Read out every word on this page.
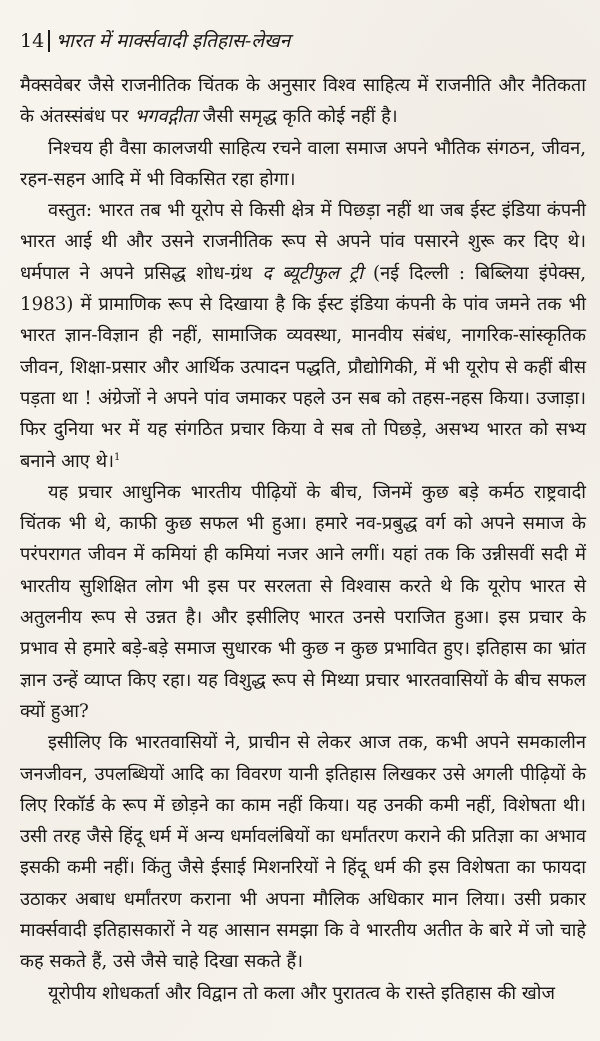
14 भारत में मार्क्सवादी इतिहास-लेखन

मैक्सवेबर जैसे राजनीतिक चिंतक के अनुसार विश्व साहित्य में राजनीति और नैतिकता के अंतस्संबंध पर भगवद्गीता जैसी समृद्ध कृति कोई नहीं है।

निश्चय ही वैसा कालजयी साहित्य रचने वाला समाज अपने भौतिक संगठन, जीवन, रहन-सहन आदि में भी विकसित रहा होगा।

वस्तुत: भारत तब भी यूरोप से किसी क्षेत्र में पिछड़ा नहीं था जब ईस्ट इंडिया कंपनी भारत आई थी और उसने राजनीतिक रूप से अपने पांव पसारने शुरू कर दिए थे। धर्मपाल ने अपने प्रसिद्ध शोध-ग्रंथ द ब्यूटीफुल ट्री (नई दिल्ली : बिब्लिया इंपेक्स, 1983) में प्रामाणिक रूप से दिखाया है कि ईस्ट इंडिया कंपनी के पांव जमने तक भी भारत ज्ञान-विज्ञान ही नहीं, सामाजिक व्यवस्था, मानवीय संबंध, नागरिक-सांस्कृतिक जीवन, शिक्षा-प्रसार और आर्थिक उत्पादन पद्धति, प्रौद्योगिकी, में भी यूरोप से कहीं बीस पड़ता था ! अंग्रेजों ने अपने पांव जमाकर पहले उन सब को तहस-नहस किया। उजाड़ा। फिर दुनिया भर में यह संगठित प्रचार किया वे सब तो पिछड़े, असभ्य भारत को सभ्य बनाने आए थे।$^1$

यह प्रचार आधुनिक भारतीय पीढ़ियों के बीच, जिनमें कुछ बड़े कर्मठ राष्ट्रवादी चिंतक भी थे, काफी कुछ सफल भी हुआ। हमारे नव-प्रबुद्ध वर्ग को अपने समाज के परंपरागत जीवन में कमियां ही कमियां नजर आने लगीं। यहां तक कि उन्नीसवीं सदी में भारतीय सुशिक्षित लोग भी इस पर सरलता से विश्वास करते थे कि यूरोप भारत से अतुलनीय रूप से उन्नत है। और इसीलिए भारत उनसे पराजित हुआ। इस प्रचार के प्रभाव से हमारे बड़े-बड़े समाज सुधारक भी कुछ न कुछ प्रभावित हुए। इतिहास का भ्रांत ज्ञान उन्हें व्याप्त किए रहा। यह विशुद्ध रूप से मिथ्या प्रचार भारतवासियों के बीच सफल क्यों हुआ?

इसीलिए कि भारतवासियों ने, प्राचीन से लेकर आज तक, कभी अपने समकालीन जनजीवन, उपलब्धियों आदि का विवरण यानी इतिहास लिखकर उसे अगली पीढ़ियों के लिए रिकॉर्ड के रूप में छोड़ने का काम नहीं किया। यह उनकी कमी नहीं, विशेषता थी। उसी तरह जैसे हिंदू धर्म में अन्य धर्मावलंबियों का धर्मांतरण कराने की प्रतिज्ञा का अभाव इसकी कमी नहीं। किंतु जैसे ईसाई मिशनरियों ने हिंदू धर्म की इस विशेषता का फायदा उठाकर अबाध धर्मांतरण कराना भी अपना मौलिक अधिकार मान लिया। उसी प्रकार मार्क्सवादी इतिहासकारों ने यह आसान समझा कि वे भारतीय अतीत के बारे में जो चाहे कह सकते हैं, उसे जैसे चाहे दिखा सकते हैं।

यूरोपीय शोधकर्ता और विद्वान तो कला और पुरातत्व के रास्ते इतिहास की खोज
